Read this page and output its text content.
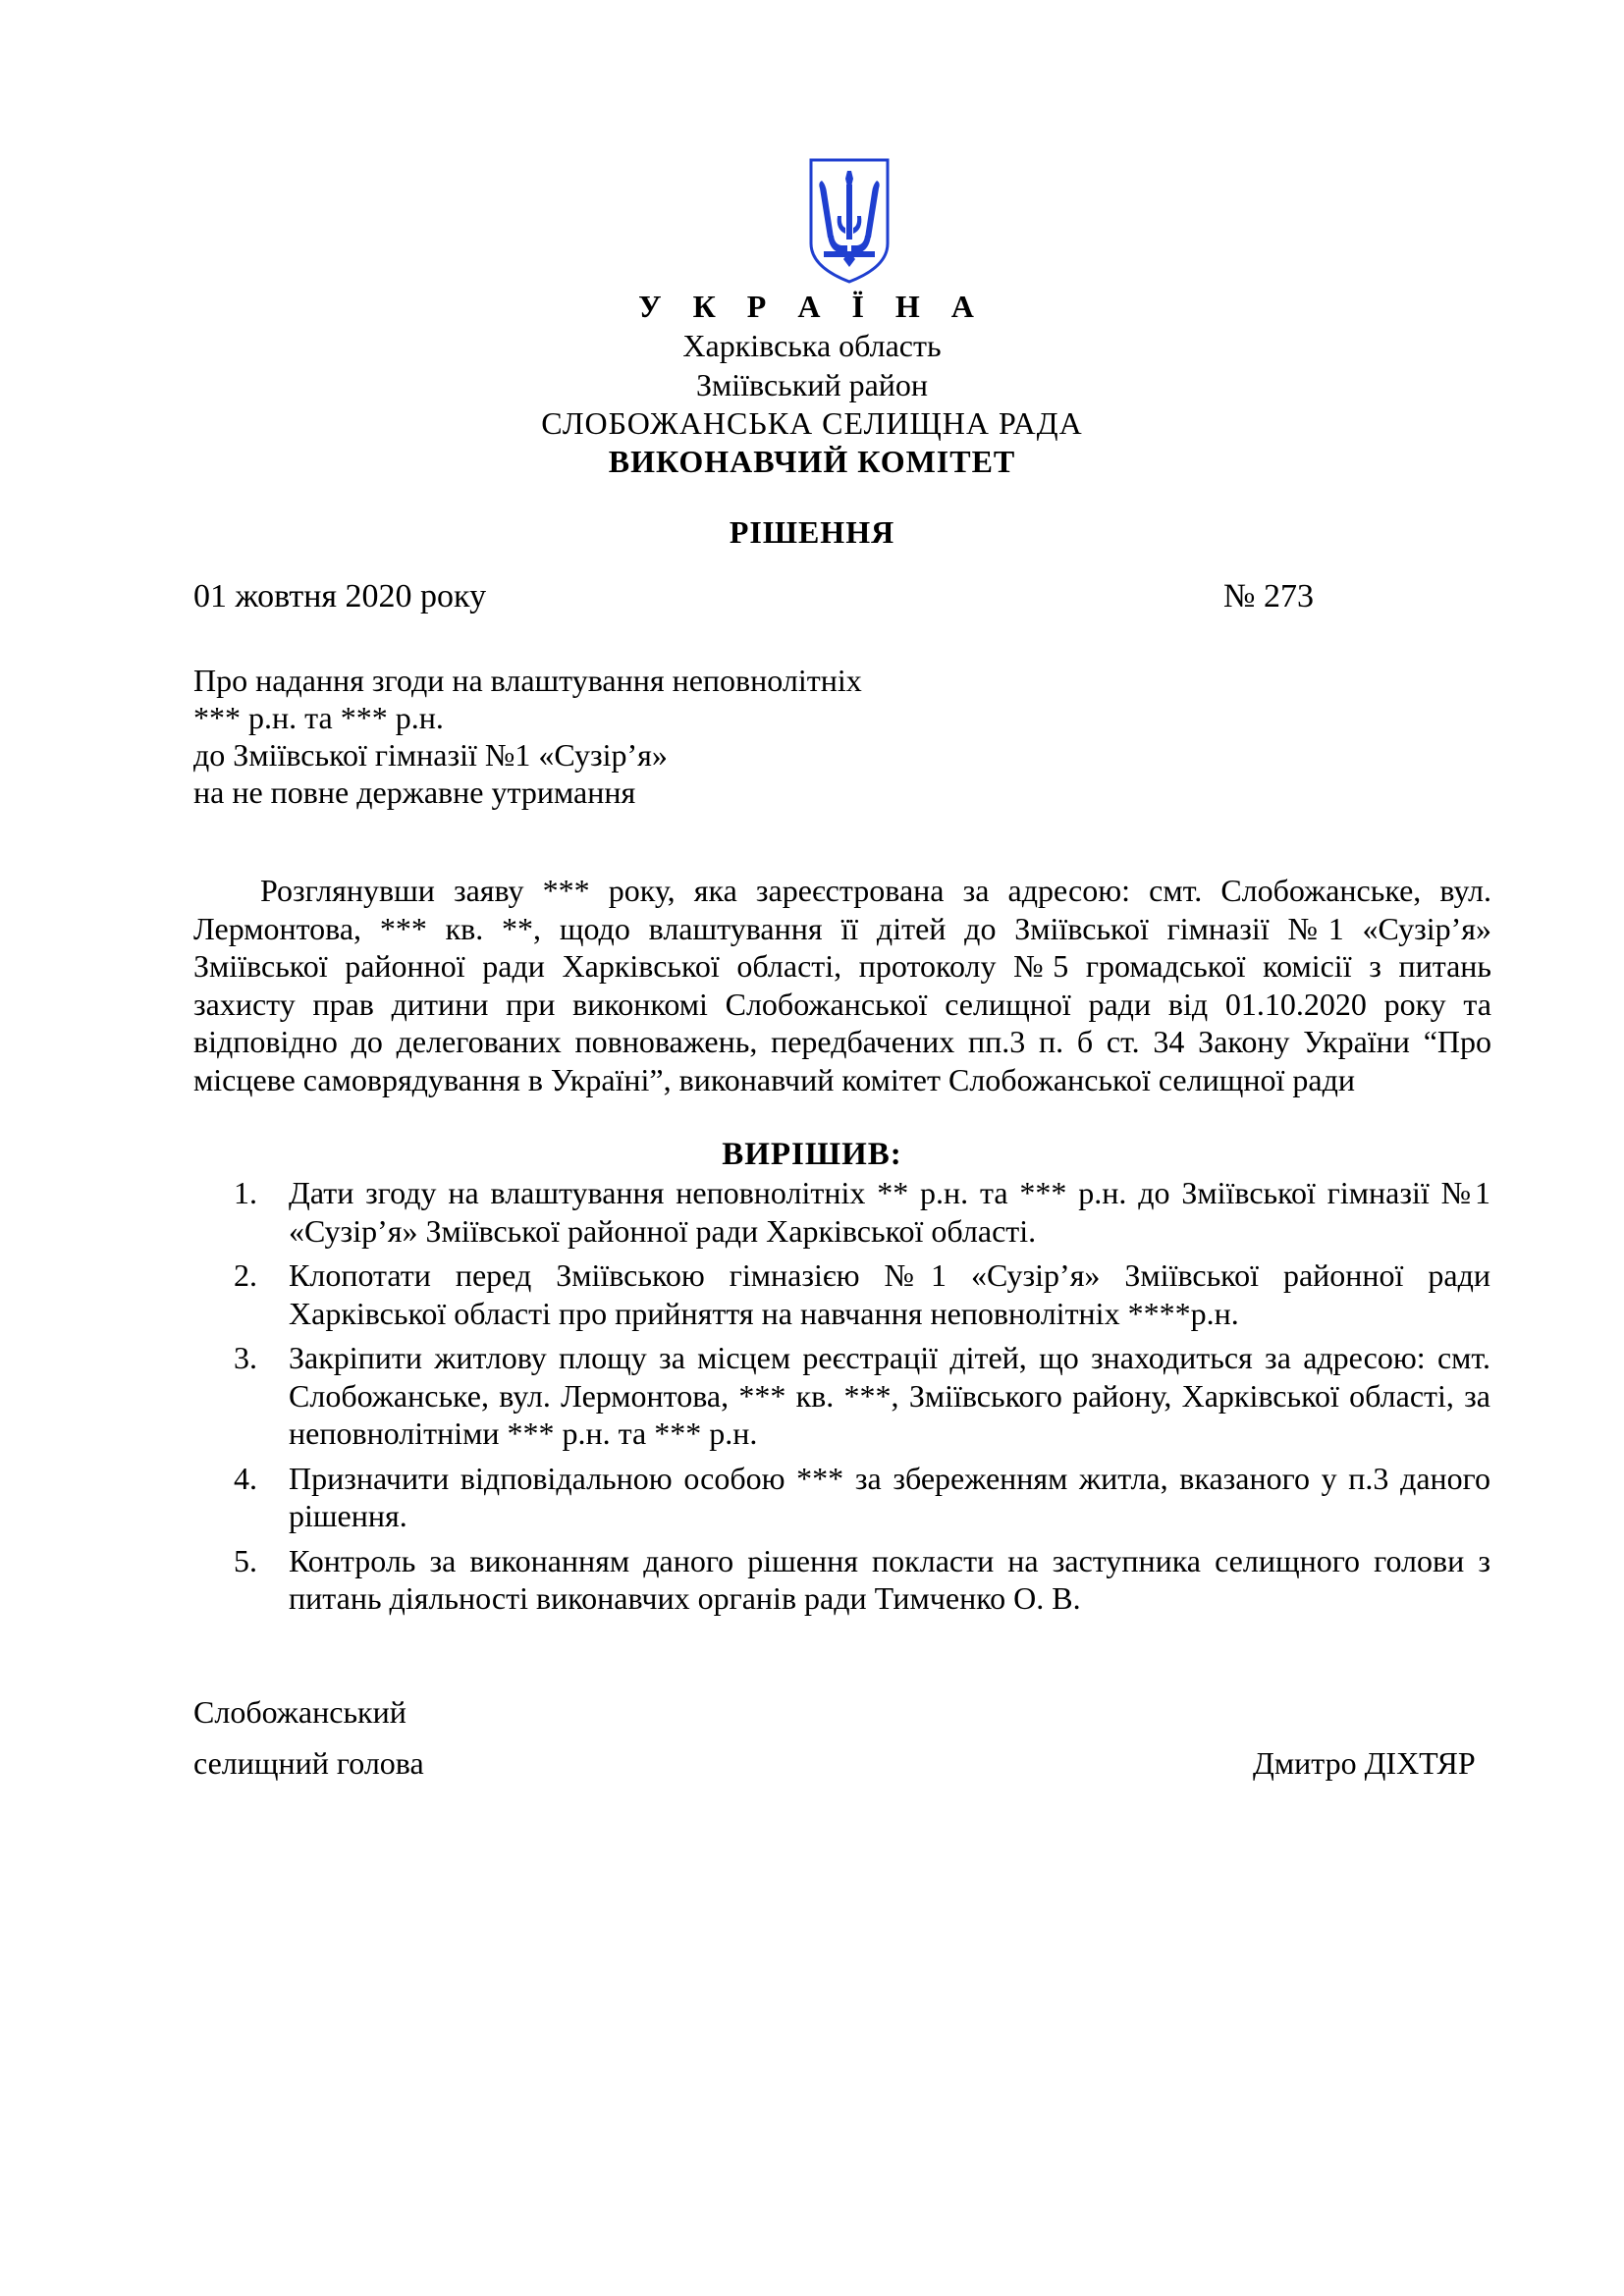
У К Р А Ї Н А
Харківська область
Зміївський район
СЛОБОЖАНСЬКА СЕЛИЩНА РАДА
ВИКОНАВЧИЙ КОМІТЕТ
РІШЕННЯ
01 жовтня 2020 року	№ 273
Про надання згоди на влаштування неповнолітніх
*** р.н. та *** р.н.
до Зміївської гімназії №1 «Сузір’я»
на не повне державне утримання
Розглянувши заяву *** року, яка зареєстрована за адресою: смт. Слобожанське, вул. Лермонтова, *** кв. **, щодо влаштування її дітей до Зміївської гімназії №1 «Сузір’я» Зміївської районної ради Харківської області, протоколу №5 громадської комісії з питань захисту прав дитини при виконкомі Слобожанської селищної ради від 01.10.2020 року та відповідно до делегованих повноважень, передбачених пп.3 п. б ст. 34 Закону України “Про місцеве самоврядування в Україні”, виконавчий комітет Слобожанської селищної ради
ВИРІШИВ:
1. Дати згоду на влаштування неповнолітніх ** р.н. та *** р.н. до Зміївської гімназії №1 «Сузір’я» Зміївської районної ради Харківської області.
2. Клопотати перед Зміївською гімназією №1 «Сузір’я» Зміївської районної ради Харківської області про прийняття на навчання неповнолітніх ****р.н.
3. Закріпити житлову площу за місцем реєстрації дітей, що знаходиться за адресою: смт. Слобожанське, вул. Лермонтова, *** кв. ***, Зміївського району, Харківської області, за неповнолітніми *** р.н. та *** р.н.
4. Призначити відповідальною особою *** за збереженням житла, вказаного у п.3 даного рішення.
5. Контроль за виконанням даного рішення покласти на заступника селищного голови з питань діяльності виконавчих органів ради Тимченко О. В.
Слобожанський
селищний голова	Дмитро ДІХТЯР
